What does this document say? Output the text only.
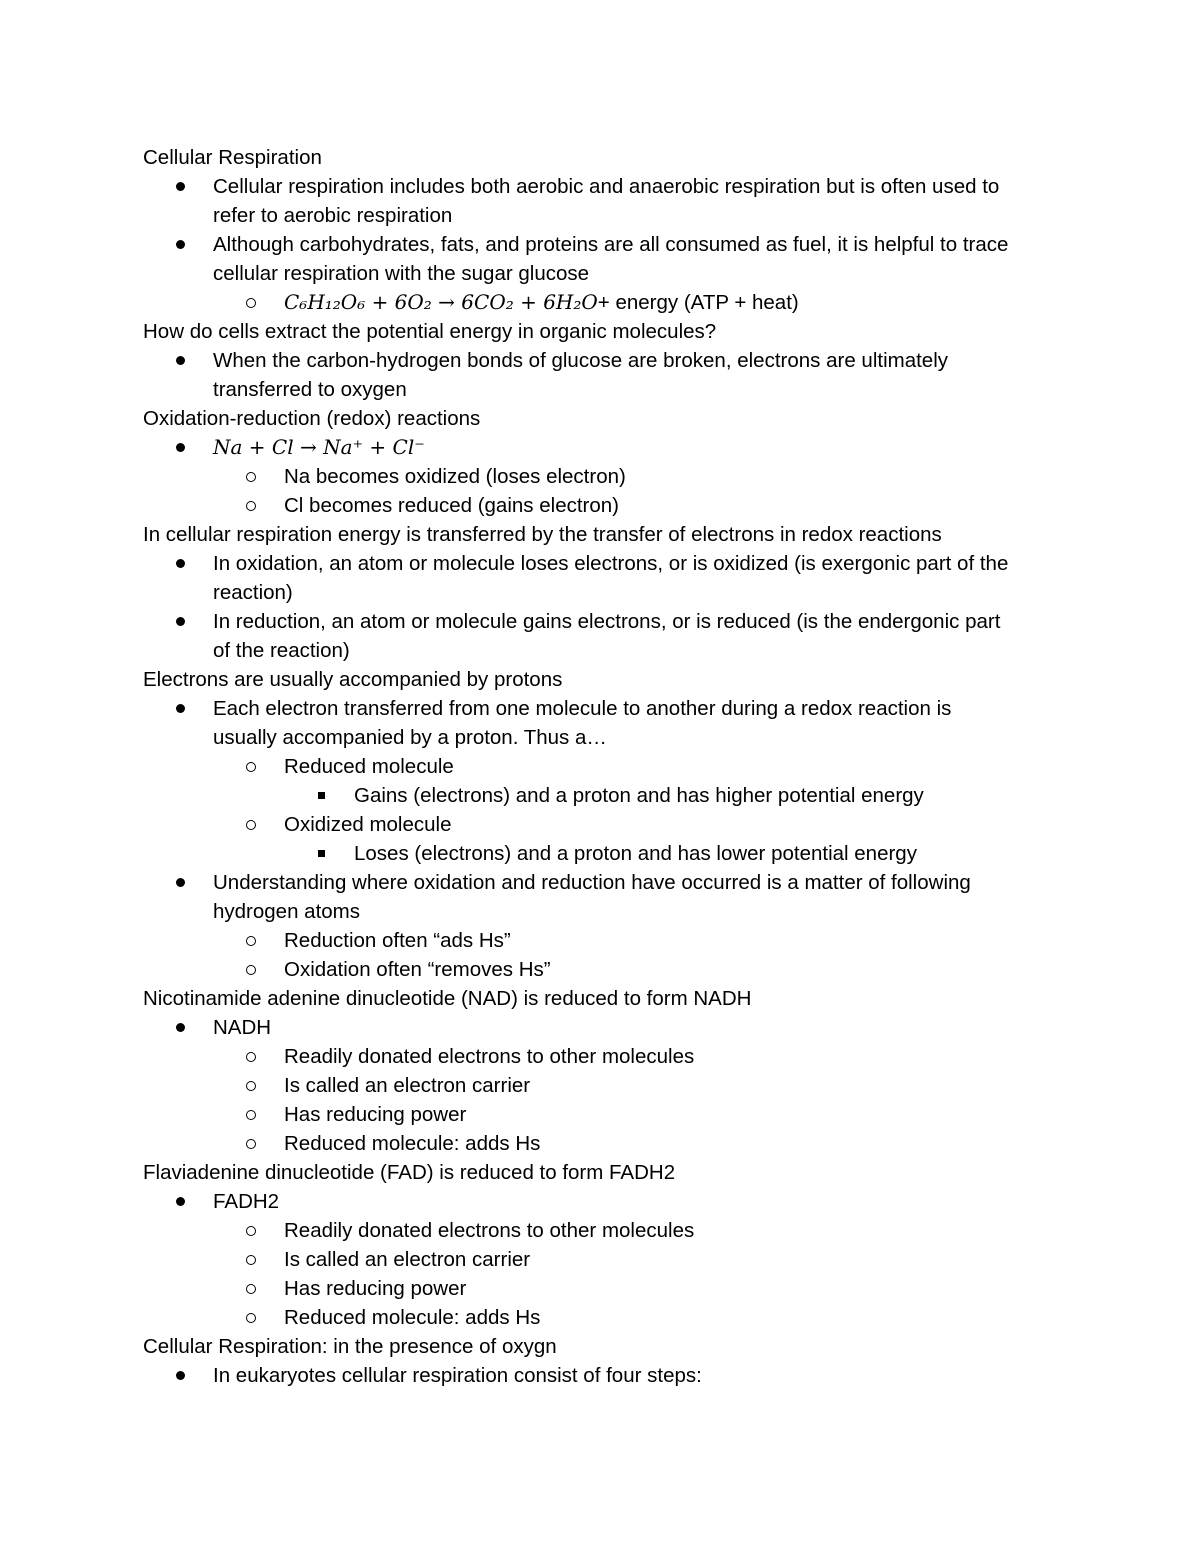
Cellular Respiration
Cellular respiration includes both aerobic and anaerobic respiration but is often used to
refer to aerobic respiration
Although carbohydrates, fats, and proteins are all consumed as fuel, it is helpful to trace
cellular respiration with the sugar glucose
C₆H₁₂O₆ + 6O₂ → 6CO₂ + 6H₂O+ energy (ATP + heat)
How do cells extract the potential energy in organic molecules?
When the carbon-hydrogen bonds of glucose are broken, electrons are ultimately
transferred to oxygen
Oxidation-reduction (redox) reactions
Na + Cl → Na⁺ + Cl⁻
Na becomes oxidized (loses electron)
Cl becomes reduced (gains electron)
In cellular respiration energy is transferred by the transfer of electrons in redox reactions
In oxidation, an atom or molecule loses electrons, or is oxidized (is exergonic part of the
reaction)
In reduction, an atom or molecule gains electrons, or is reduced (is the endergonic part
of the reaction)
Electrons are usually accompanied by protons
Each electron transferred from one molecule to another during a redox reaction is
usually accompanied by a proton. Thus a…
Reduced molecule
Gains (electrons) and a proton and has higher potential energy
Oxidized molecule
Loses (electrons) and a proton and has lower potential energy
Understanding where oxidation and reduction have occurred is a matter of following
hydrogen atoms
Reduction often “ads Hs”
Oxidation often “removes Hs”
Nicotinamide adenine dinucleotide (NAD) is reduced to form NADH
NADH
Readily donated electrons to other molecules
Is called an electron carrier
Has reducing power
Reduced molecule: adds Hs
Flaviadenine dinucleotide (FAD) is reduced to form FADH2
FADH2
Readily donated electrons to other molecules
Is called an electron carrier
Has reducing power
Reduced molecule: adds Hs
Cellular Respiration: in the presence of oxygn
In eukaryotes cellular respiration consist of four steps:
